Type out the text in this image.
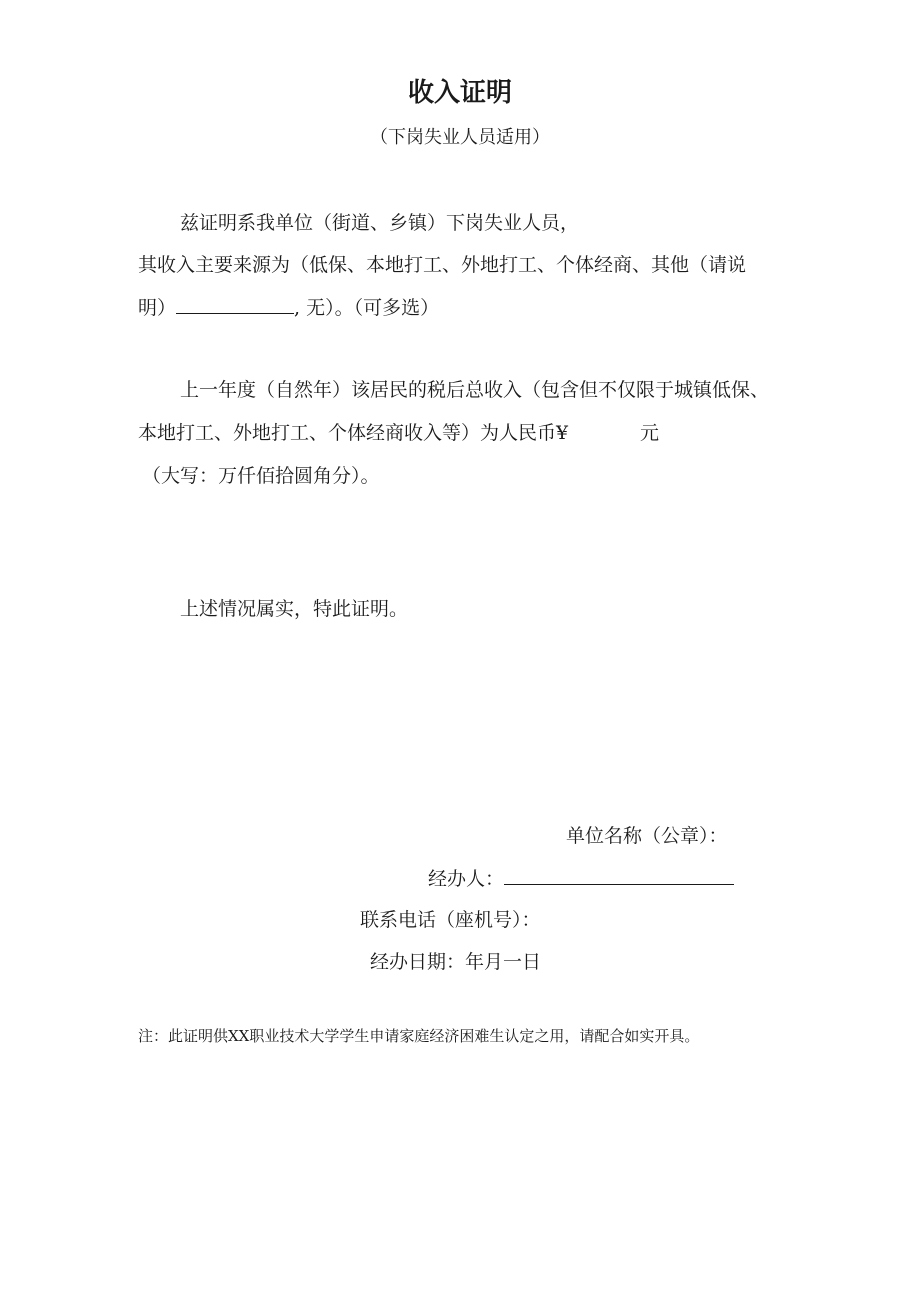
收入证明
（下岗失业人员适用）
兹证明系我单位（街道、乡镇）下岗失业人员，
其收入主要来源为（低保、本地打工、外地打工、个体经商、其他（请说
明）	, 无）。（可多选）
上一年度（自然年）该居民的税后总收入（包含但不仅限于城镇低保、
本地打工、外地打工、个体经商收入等）为人民币¥	元
（大写：万仟佰拾圆角分）。
上述情况属实，特此证明。
单位名称（公章）：
经办人：
联系电话（座机号）：
经办日期：年月一日
注：此证明供XX职业技术大学学生申请家庭经济困难生认定之用，请配合如实开具。
